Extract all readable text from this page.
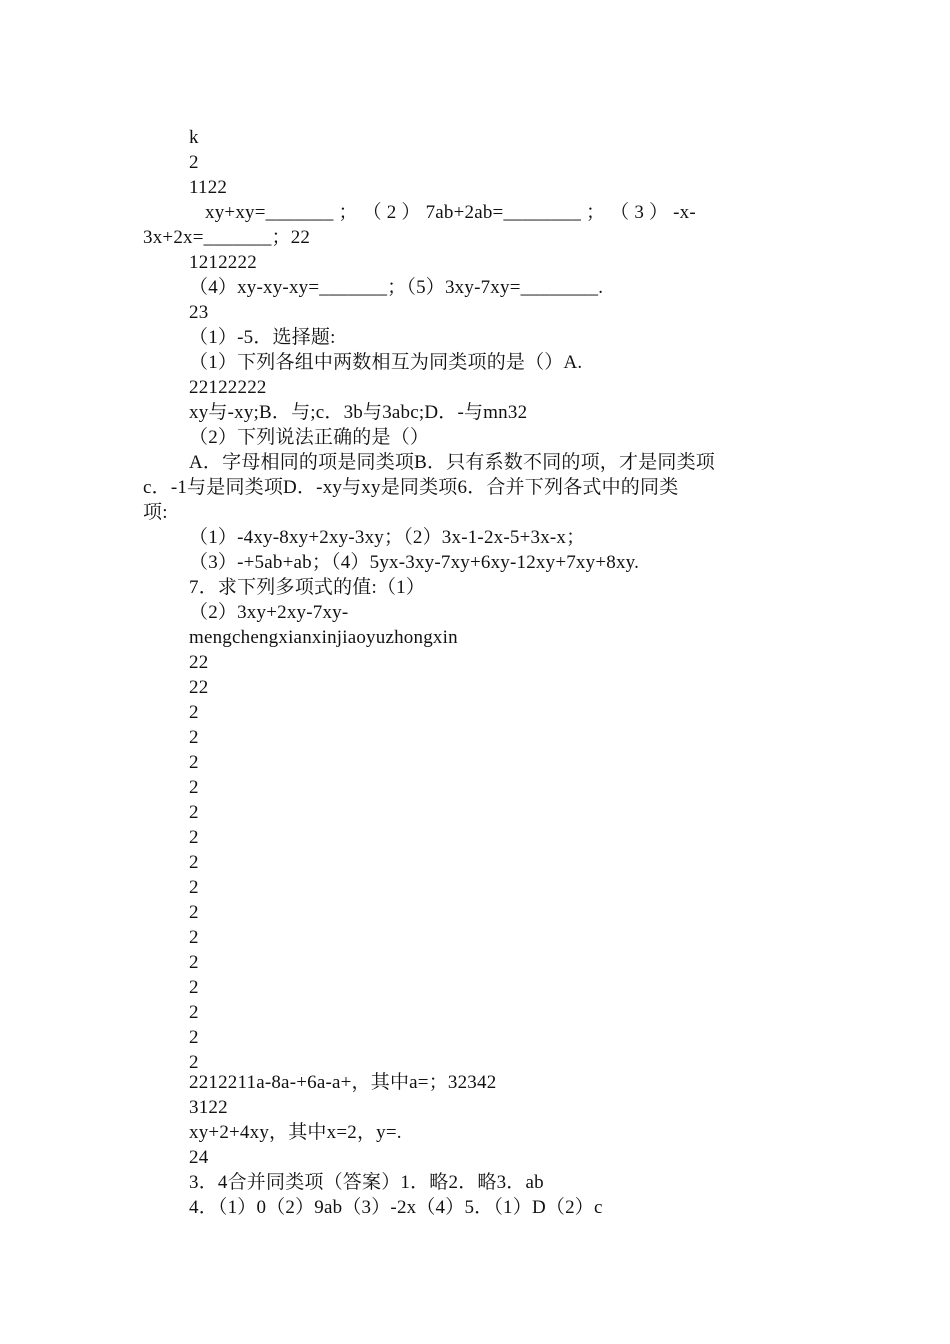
k
2
1122
xy+xy=_______ ； （ 2 ） 7ab+2ab=________ ； （ 3 ） -x-
3x+2x=_______；22
1212222
（4）xy-xy-xy=_______；（5）3xy-7xy=________.
23
（1）-5．选择题:
（1）下列各组中两数相互为同类项的是（）A.
22122222
xy与-xy;B．与;c．3b与3abc;D．-与mn32
（2）下列说法正确的是（）
A．字母相同的项是同类项B．只有系数不同的项，才是同类项
c．-1与是同类项D．-xy与xy是同类项6．合并下列各式中的同类
项:
（1）-4xy-8xy+2xy-3xy；（2）3x-1-2x-5+3x-x；
（3）-+5ab+ab；（4）5yx-3xy-7xy+6xy-12xy+7xy+8xy.
7．求下列多项式的值:（1）
（2）3xy+2xy-7xy-
mengchengxianxinjiaoyuzhongxin
22
22
2
2
2
2
2
2
2
2
2
2
2
2
2
2
2
2212211a-8a-+6a-a+，其中a=；32342
3122
xy+2+4xy，其中x=2，y=.
24
3．4合并同类项（答案）1．略2．略3．ab
4．（1）0（2）9ab（3）-2x（4）5．（1）D（2）c
